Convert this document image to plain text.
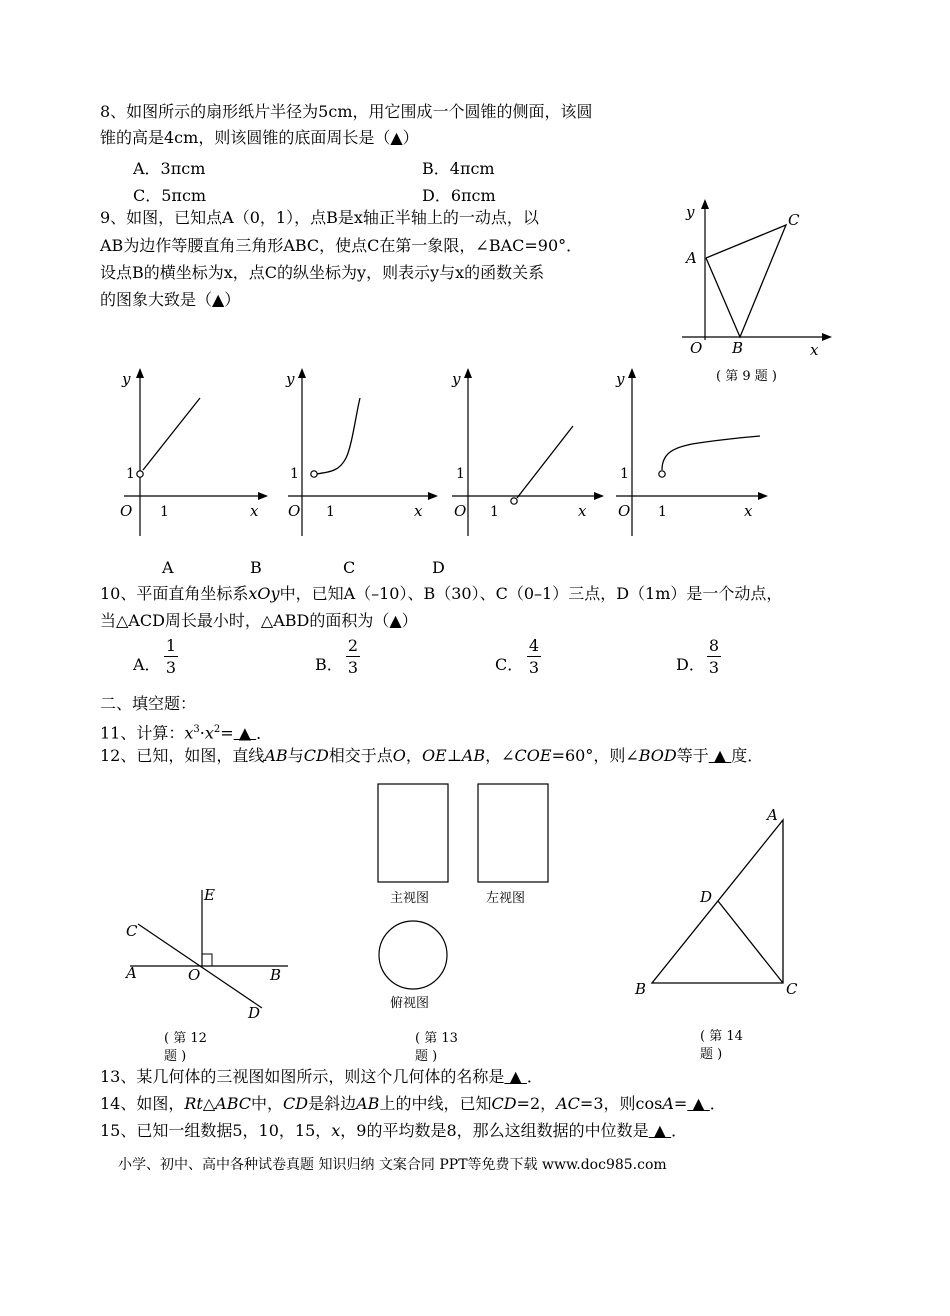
8、如图所示的扇形纸片半径为5cm，用它围成一个圆锥的侧面，该圆
锥的高是4cm，则该圆锥的底面周长是（▲）
A．3πcm	B．4πcm
C．5πcm	D．6πcm
9、如图，已知点A（0，1），点B是x轴正半轴上的一动点，以
AB为边作等腰直角三角形ABC，使点C在第一象限，∠BAC=90°．
设点B的横坐标为x，点C的纵坐标为y，则表示y与x的函数关系
的图象大致是（▲）
y	C
A
O B	x
( 第 9 题 )
y
1
O 1	x
y
1
O 1	x
y
1
O 1	x
y
1
O 1	x
A	B	C	D
10、平面直角坐标系xOy中，已知A（–10）、B（30）、C（0–1）三点，D（1m）是一个动点，
当△ACD周长最小时，△ABD的面积为（▲）
A．
1
3	B．
2
3	C．
4
3	D．
8
3
二、填空题：
11、计算：$x^3\cdot x^2=$ ▲ ．
12、已知，如图，直线AB与CD相交于点O，OE⊥AB，∠COE=60°，则∠BOD等于 ▲ 度．
E
C
A	O	B
D
( 第 12
题 )
主视图	左视图
俯视图
( 第 13
题 )
A
D
B	C
( 第 14
题 )
13、某几何体的三视图如图所示，则这个几何体的名称是 ▲ ．
14、如图，Rt△ABC中，CD是斜边AB上的中线，已知CD=2，AC=3，则cosA= ▲ ．
15、已知一组数据5，10，15，x，9的平均数是8，那么这组数据的中位数是 ▲ ．
小学、初中、高中各种试卷真题 知识归纳 文案合同 PPT等免费下载 www.doc985.com
